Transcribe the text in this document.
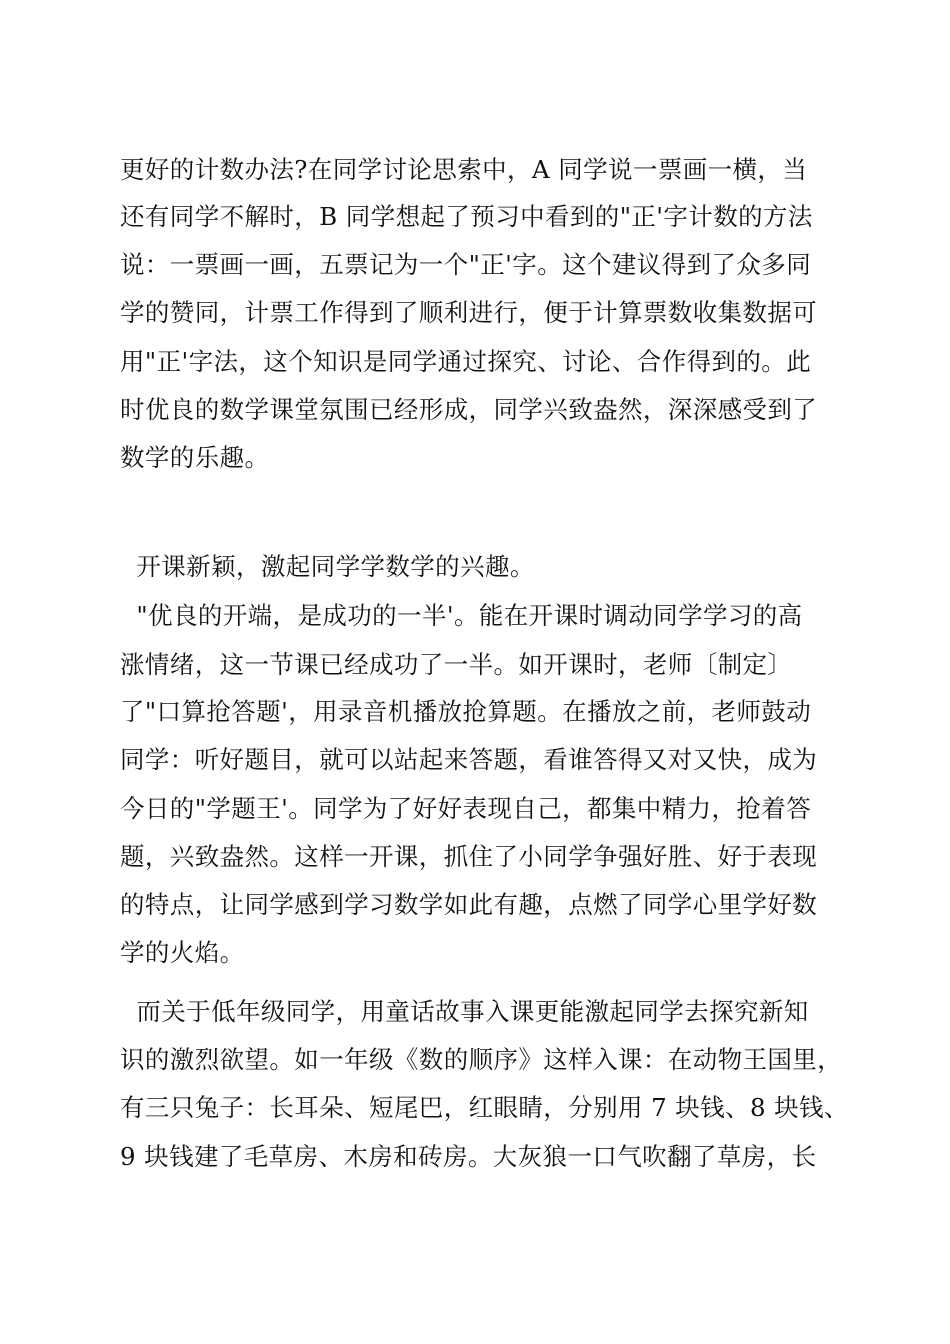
更好的计数办法?在同学讨论思索中，A 同学说一票画一横，当
还有同学不解时，B 同学想起了预习中看到的"正'字计数的方法
说：一票画一画，五票记为一个"正'字。这个建议得到了众多同
学的赞同，计票工作得到了顺利进行，便于计算票数收集数据可
用"正'字法，这个知识是同学通过探究、讨论、合作得到的。此
时优良的数学课堂氛围已经形成，同学兴致盎然，深深感受到了
数学的乐趣。
开课新颖，激起同学学数学的兴趣。
"优良的开端，是成功的一半'。能在开课时调动同学学习的高
涨情绪，这一节课已经成功了一半。如开课时，老师〔制定〕
了"口算抢答题'，用录音机播放抢算题。在播放之前，老师鼓动
同学：听好题目，就可以站起来答题，看谁答得又对又快，成为
今日的"学题王'。同学为了好好表现自己，都集中精力，抢着答
题，兴致盎然。这样一开课，抓住了小同学争强好胜、好于表现
的特点，让同学感到学习数学如此有趣，点燃了同学心里学好数
学的火焰。
而关于低年级同学，用童话故事入课更能激起同学去探究新知
识的激烈欲望。如一年级《数的顺序》这样入课：在动物王国里，
有三只兔子：长耳朵、短尾巴，红眼睛，分别用 7 块钱、8 块钱、
9 块钱建了毛草房、木房和砖房。大灰狼一口气吹翻了草房，长
